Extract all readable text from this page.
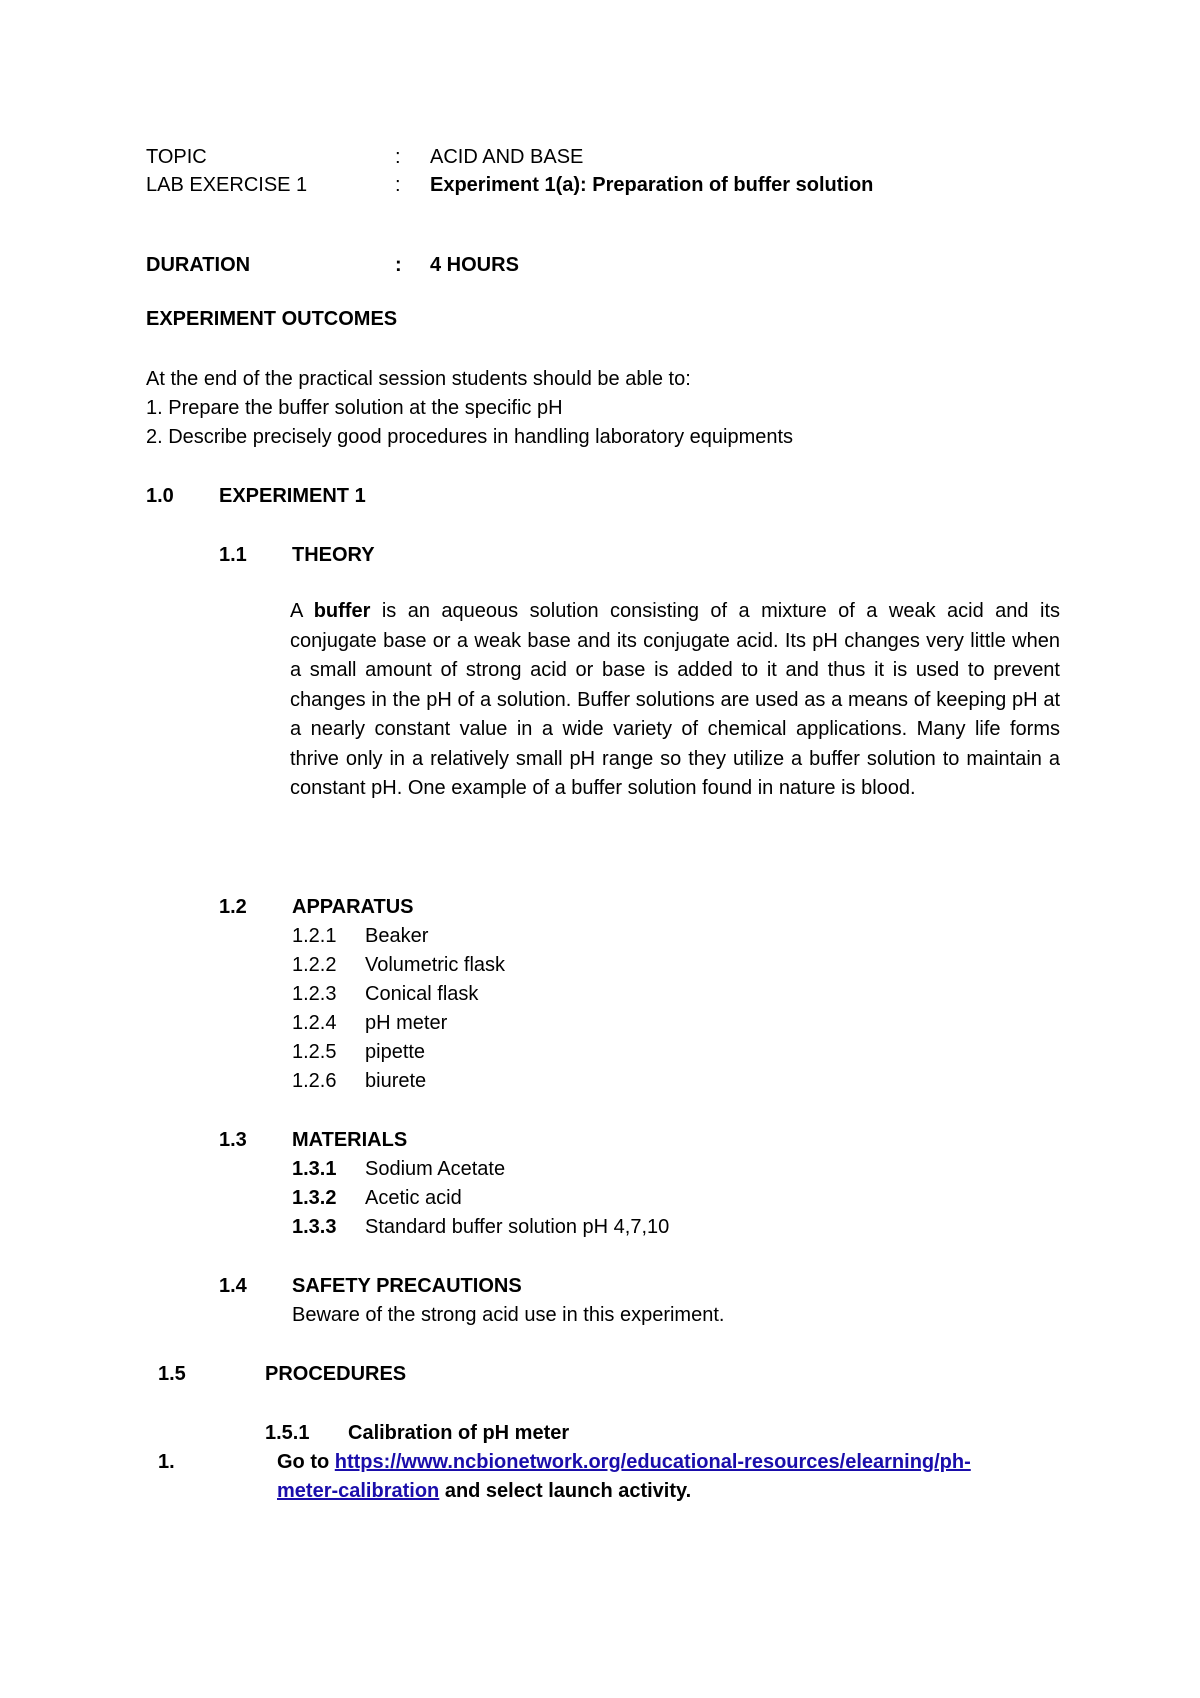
TOPIC	: ACID AND BASE
LAB EXERCISE 1	: Experiment 1(a): Preparation of buffer solution
DURATION	: 4 HOURS
EXPERIMENT OUTCOMES
At the end of the practical session students should be able to:
1. Prepare the buffer solution at the specific pH
2. Describe precisely good procedures in handling laboratory equipments
1.0 EXPERIMENT 1
1.1 THEORY
A buffer is an aqueous solution consisting of a mixture of a weak acid and its conjugate base or a weak base and its conjugate acid. Its pH changes very little when a small amount of strong acid or base is added to it and thus it is used to prevent changes in the pH of a solution. Buffer solutions are used as a means of keeping pH at a nearly constant value in a wide variety of chemical applications. Many life forms thrive only in a relatively small pH range so they utilize a buffer solution to maintain a constant pH. One example of a buffer solution found in nature is blood.
1.2 APPARATUS
1.2.1 Beaker
1.2.2 Volumetric flask
1.2.3 Conical flask
1.2.4 pH meter
1.2.5 pipette
1.2.6 biurete
1.3 MATERIALS
1.3.1 Sodium Acetate
1.3.2 Acetic acid
1.3.3 Standard buffer solution pH 4,7,10
1.4 SAFETY PRECAUTIONS
Beware of the strong acid use in this experiment.
1.5	PROCEDURES
1.5.1 Calibration of pH meter
1.	Go to https://www.ncbionetwork.org/educational-resources/elearning/ph-
meter-calibration and select launch activity.
